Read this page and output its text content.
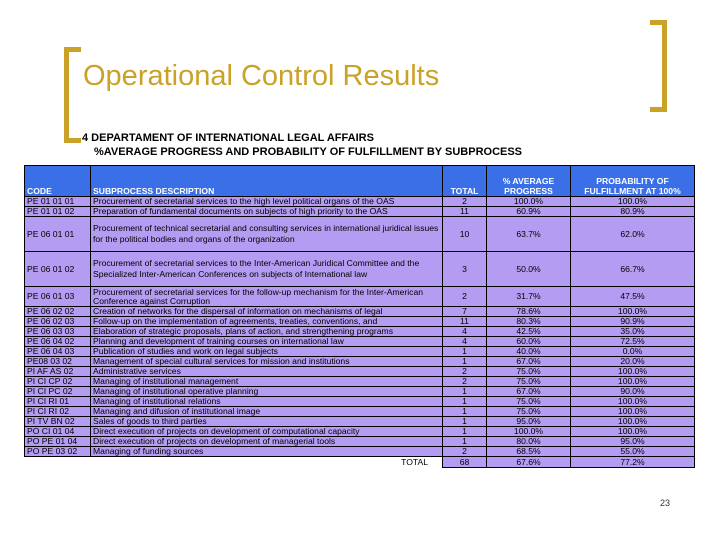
Operational Control Results
4 DEPARTAMENT OF INTERNATIONAL LEGAL AFFAIRS
%AVERAGE PROGRESS AND PROBABILITY OF FULFILLMENT BY SUBPROCESS
CODE	SUBPROCESS DESCRIPTION	TOTAL	% AVERAGE PROGRESS	PROBABILITY OF FULFILLMENT AT 100%
PE 01 01 01	Procurement of secretarial services to the high level political organs of the OAS	2	100.0%	100.0%
PE 01 01 02	Preparation of fundamental documents on subjects of high priority to the OAS	11	60.9%	80.9%
PE 06 01 01	Procurement of technical secretarial and consulting services in international juridical issues for the political bodies and organs of the organization	10	63.7%	62.0%
PE 06 01 02	Procurement of secretarial services to the Inter-American Juridical Committee and the Specialized Inter-American Conferences on subjects of International law	3	50.0%	66.7%
PE 06 01 03	Procurement of secretarial services for the follow-up mechanism for the Inter-American Conference against Corruption	2	31.7%	47.5%
PE 06 02 02	Creation of networks for the dispersal of information on mechanisms of legal	7	78.6%	100.0%
PE 06 02 03	Follow-up on the implementation of agreements, treaties, conventions, and	11	80.3%	90.9%
PE 06 03 03	Elaboration of strategic proposals, plans of action, and strengthening programs	4	42.5%	35.0%
PE 06 04 02	Planning and development of training courses on international law	4	60.0%	72.5%
PE 06 04 03	Publication of studies and work on legal subjects	1	40.0%	0.0%
PE08 03 02	Management of special cultural services for mission and institutions	1	67.0%	20.0%
PI AF AS 02	Administrative services	2	75.0%	100.0%
PI CI CP 02	Managing of institutional management	2	75.0%	100.0%
PI CI PC 02	Managing of institutional operative planning	1	67.0%	90.0%
PI CI RI 01	Managing of institutional relations	1	75.0%	100.0%
PI CI RI 02	Managing and difusion of institutional image	1	75.0%	100.0%
PI TV BN 02	Sales of goods to third parties	1	95.0%	100.0%
PO CI 01 04	Direct execution of projects on development of computational capacity	1	100.0%	100.0%
PO PE 01 04	Direct execution of projects on development of managerial tools	1	80.0%	95.0%
PO PE 03 02	Managing of funding sources	2	68.5%	55.0%
	TOTAL	68	67.6%	77.2%
23
